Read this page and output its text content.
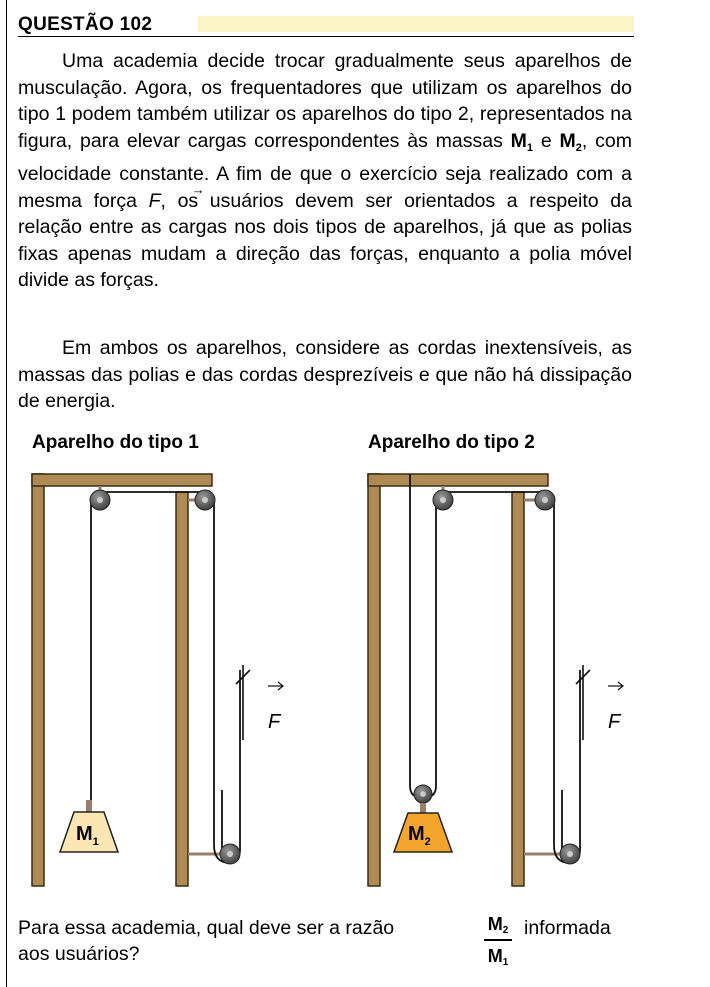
QUESTÃO 102
Uma academia decide trocar gradualmente seus aparelhos de musculação. Agora, os frequentadores que utilizam os aparelhos do tipo 1 podem também utilizar os aparelhos do tipo 2, representados na figura, para elevar cargas correspondentes às massas $M_1$ e $M_2$, com velocidade constante. A fim de que o exercício seja realizado com a mesma força → F, os usuários devem ser orientados a respeito da relação entre as cargas nos dois tipos de aparelhos, já que as polias fixas apenas mudam a direção das forças, enquanto a polia móvel divide as forças.
Em ambos os aparelhos, considere as cordas inextensíveis, as massas das polias e das cordas desprezíveis e que não há dissipação de energia.
Aparelho do tipo 1	Aparelho do tipo 2
$M_1$
F
$M_2$
F
Para essa academia, qual deve ser a razão	M2
M1
informada
aos usuários?
